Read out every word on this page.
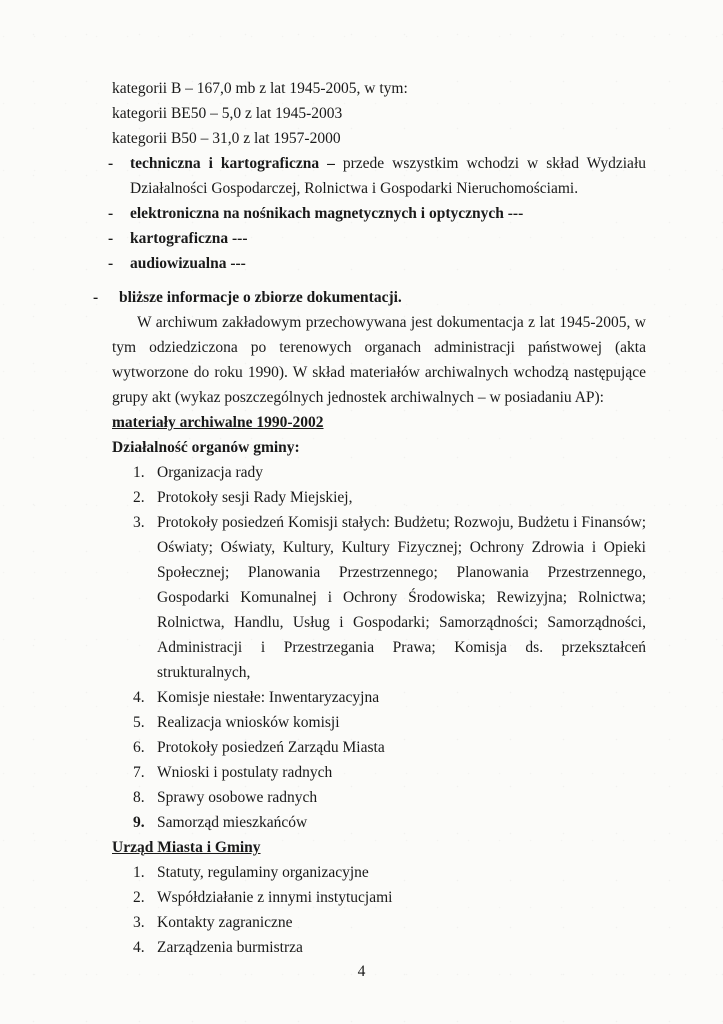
kategorii B – 167,0 mb z lat 1945-2005, w tym:
kategorii BE50 – 5,0 z lat 1945-2003
kategorii B50 – 31,0 z lat 1957-2000
-	techniczna i kartograficzna – przede wszystkim wchodzi w skład Wydziału Działalności Gospodarczej, Rolnictwa i Gospodarki Nieruchomościami.
-	elektroniczna na nośnikach magnetycznych i optycznych ---
-	kartograficzna ---
-	audiowizualna ---
-	bliższe informacje o zbiorze dokumentacji.

W archiwum zakładowym przechowywana jest dokumentacja z lat 1945-2005, w tym odziedziczona po terenowych organach administracji państwowej (akta wytworzone do roku 1990). W skład materiałów archiwalnych wchodzą następujące grupy akt (wykaz poszczególnych jednostek archiwalnych – w posiadaniu AP):

materiały archiwalne 1990-2002
Działalność organów gminy:
1. Organizacja rady
2. Protokoły sesji Rady Miejskiej,
3. Protokoły posiedzeń Komisji stałych: Budżetu; Rozwoju, Budżetu i Finansów; Oświaty; Oświaty, Kultury, Kultury Fizycznej; Ochrony Zdrowia i Opieki Społecznej; Planowania Przestrzennego; Planowania Przestrzennego, Gospodarki Komunalnej i Ochrony Środowiska; Rewizyjna; Rolnictwa; Rolnictwa, Handlu, Usług i Gospodarki; Samorządności; Samorządności, Administracji i Przestrzegania Prawa; Komisja ds. przekształceń strukturalnych,
4. Komisje niestałe: Inwentaryzacyjna
5. Realizacja wniosków komisji
6. Protokoły posiedzeń Zarządu Miasta
7. Wnioski i postulaty radnych
8. Sprawy osobowe radnych
9. Samorząd mieszkańców
Urząd Miasta i Gminy
1. Statuty, regulaminy organizacyjne
2. Współdziałanie z innymi instytucjami
3. Kontakty zagraniczne
4. Zarządzenia burmistrza
4
